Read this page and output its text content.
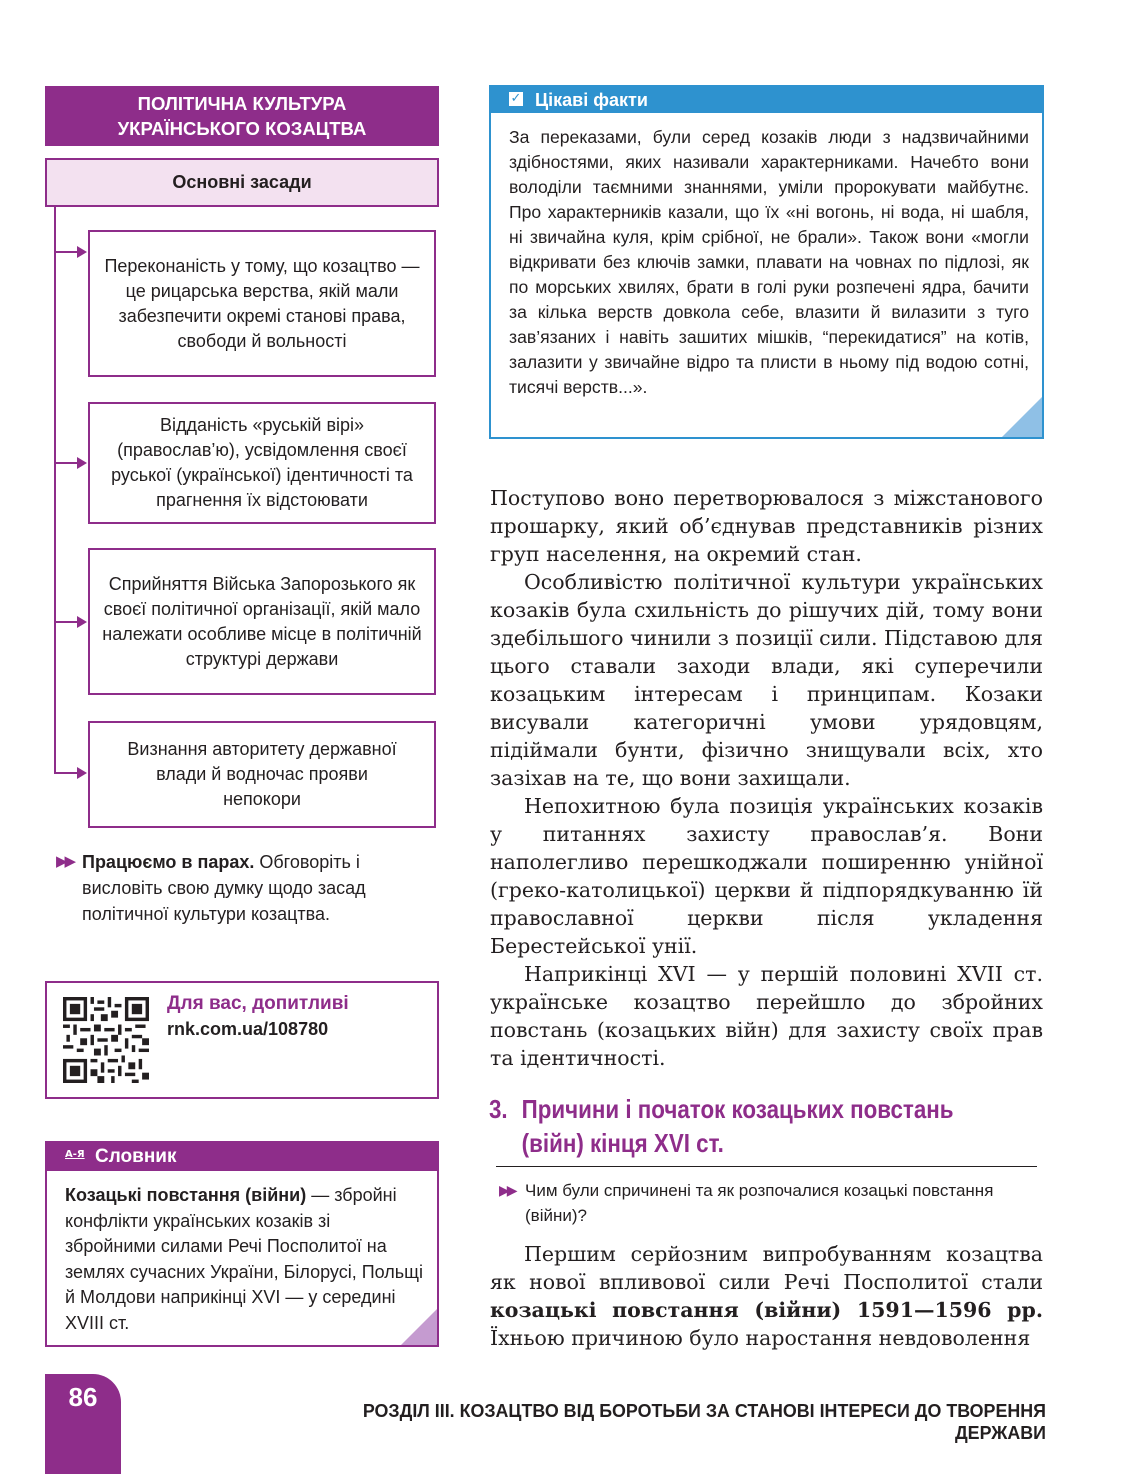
ПОЛІТИЧНА КУЛЬТУРА
УКРАЇНСЬКОГО КОЗАЦТВА
Основні засади
Переконаність у тому, що козацтво — це рицарська верства, якій мали забезпечити окремі станові права, свободи й вольності
Відданість «руській вірі» (православ’ю), усвідомлення своєї руської (української) ідентичності та прагнення їх відстоювати
Сприйняття Війська Запорозького як своєї політичної організації, якій мало належати особливе місце в політичній структурі держави
Визнання авторитету державної влади й водночас прояви непокори
▶▶ Працюємо в парах. Обговоріть і висловіть свою думку щодо засад політичної культури козацтва.
Для вас, допитливі
rnk.com.ua/108780
А-Я Словник
Козацькі повстання (війни) — збройні конфлікти українських козаків зі збройними силами Речі Посполитої на землях сучасних України, Білорусі, Польщі й Молдови наприкінці XVI — у середині XVIII ст.
✓ Цікаві факти
За переказами, були серед козаків люди з надзвичайними здібностями, яких називали характерниками. Начебто вони володіли таємними знаннями, уміли пророкувати майбутнє. Про характерників казали, що їх «ні вогонь, ні вода, ні шабля, ні звичайна куля, крім срібної, не брали». Також вони «могли відкривати без ключів замки, плавати на човнах по підлозі, як по морських хвилях, брати в голі руки розпечені ядра, бачити за кілька верств довкола себе, влазити й вилазити з туго зав’язаних і навіть зашитих мішків, “перекидатися” на котів, залазити у звичайне відро та плисти в ньому під водою сотні, тисячі верств...».

Поступово воно перетворювалося з міжстанового прошарку, який об’єднував представників різних груп населення, на окремий стан.

Особливістю політичної культури українських козаків була схильність до рішучих дій, тому вони здебільшого чинили з позиції сили. Підставою для цього ставали заходи влади, які суперечили козацьким інтересам і принципам. Козаки висували категоричні умови урядовцям, підіймали бунти, фізично знищували всіх, хто зазіхав на те, що вони захищали.

Непохитною була позиція українських козаків у питаннях захисту православ’я. Вони наполегливо перешкоджали поширенню унійної (греко-католицької) церкви й підпорядкуванню їй православної церкви після укладення Берестейської унії.

Наприкінці XVI — у першій половині XVII ст. українське козацтво перейшло до збройних повстань (козацьких війн) для захисту своїх прав та ідентичності.

3. Причини і початок козацьких повстань
(війн) кінця XVI ст.
▶▶ Чим були спричинені та як розпочалися козацькі повстання (війни)?

Першим серйозним випробуванням козацтва як нової впливової сили Речі Посполитої стали козацькі повстання (війни) 1591—1596 рр. Їхньою причиною було наростання невдоволення

86	РОЗДІЛ III. КОЗАЦТВО ВІД БОРОТЬБИ ЗА СТАНОВІ ІНТЕРЕСИ ДО ТВОРЕННЯ ДЕРЖАВИ
